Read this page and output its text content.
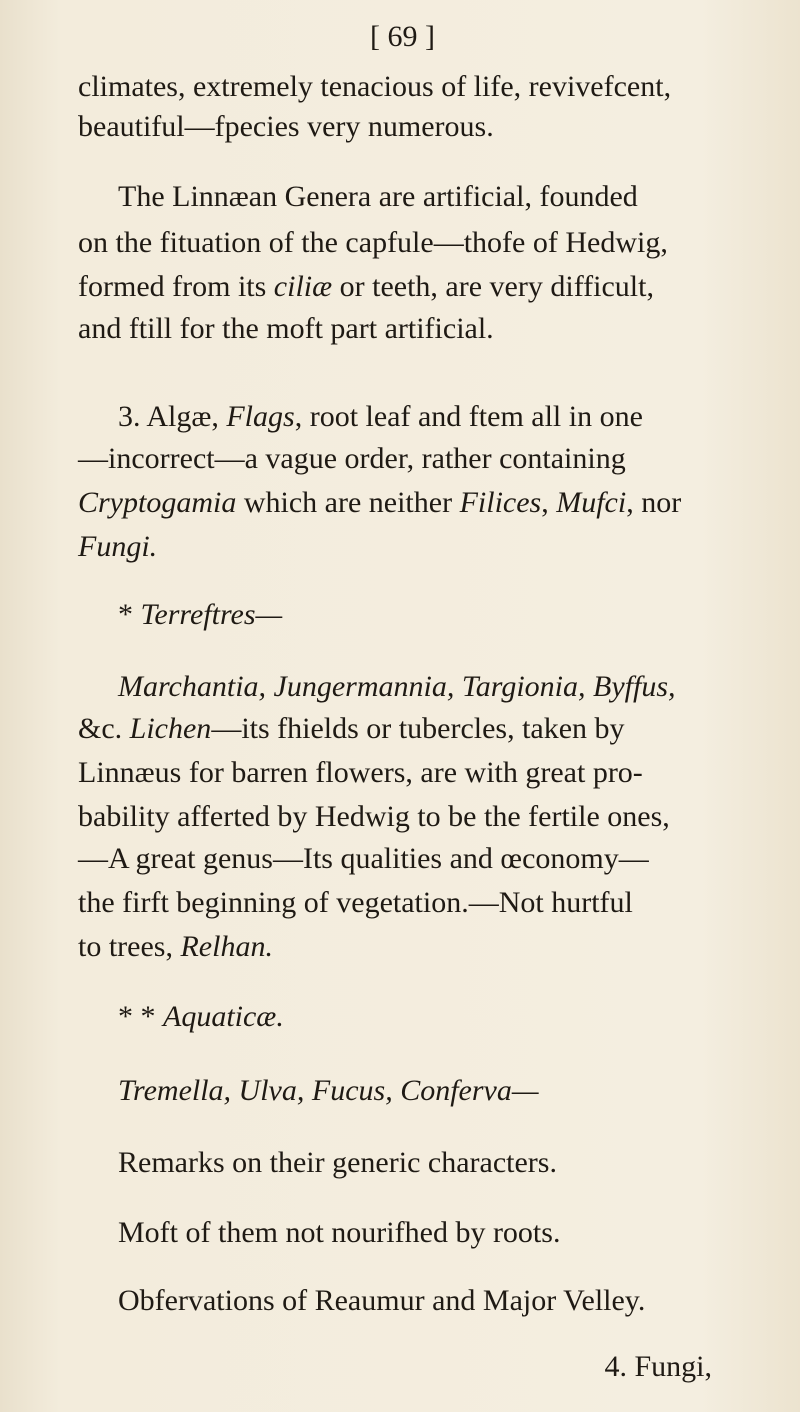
[ 69 ]
climates, extremely tenacious of life, revivefcent,
beautiful—fpecies very numerous.
The Linnæan Genera are artificial, founded
on the fituation of the capfule—thofe of Hedwig,
formed from its ciliæ or teeth, are very difficult,
and ftill for the moft part artificial.
3. Algæ, Flags, root leaf and ftem all in one
—incorrect—a vague order, rather containing
Cryptogamia which are neither Filices, Mufci, nor
Fungi.
* Terreftres—
Marchantia, Jungermannia, Targionia, Byffus,
&c. Lichen—its fhields or tubercles, taken by
Linnæus for barren flowers, are with great pro-
bability afferted by Hedwig to be the fertile ones,
—A great genus—Its qualities and œconomy—
the firft beginning of vegetation.—Not hurtful
to trees, Relhan.
* * Aquaticæ.
Tremella, Ulva, Fucus, Conferva—
Remarks on their generic characters.
Moft of them not nourifhed by roots.
Obfervations of Reaumur and Major Velley.
4. Fungi,
